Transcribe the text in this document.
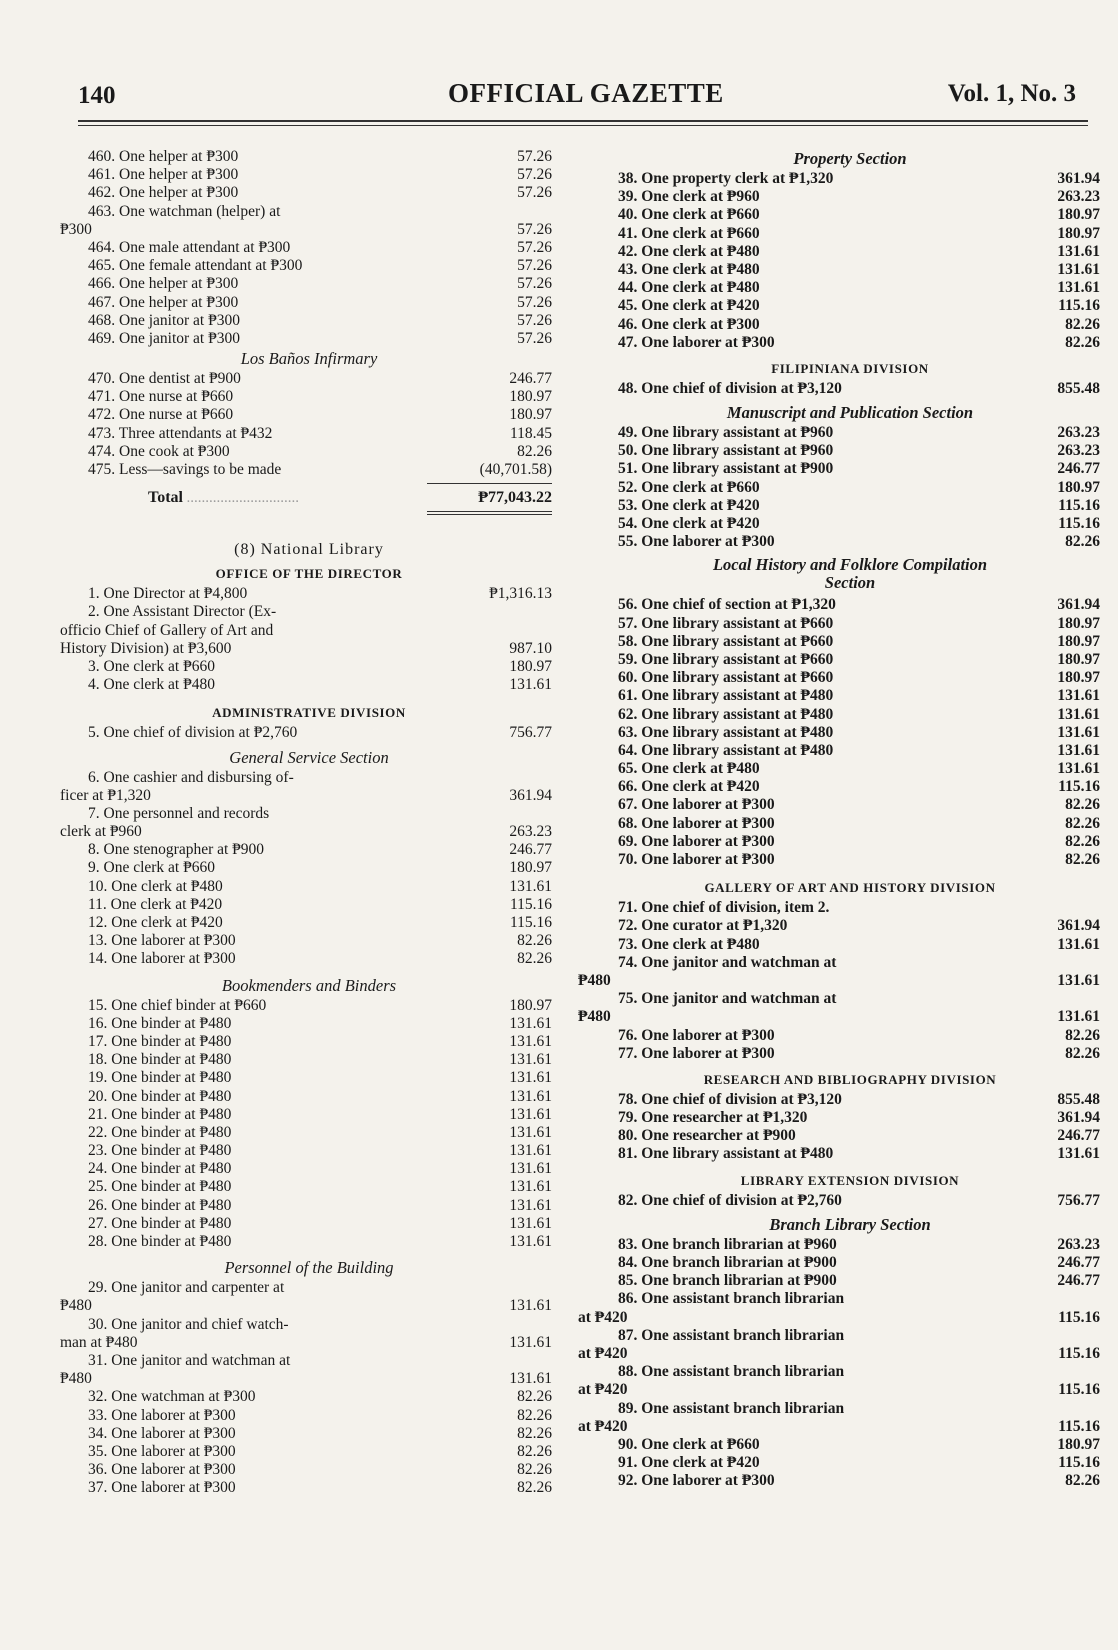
140	OFFICIAL GAZETTE	Vol. 1, No. 3
460. One helper at ₱300	57.26
461. One helper at ₱300	57.26
462. One helper at ₱300	57.26
463. One watchman (helper) at
₱300	57.26
464. One male attendant at ₱300	57.26
465. One female attendant at ₱300	57.26
466. One helper at ₱300	57.26
467. One helper at ₱300	57.26
468. One janitor at ₱300	57.26
469. One janitor at ₱300	57.26
Los Baños Infirmary
470. One dentist at ₱900	246.77
471. One nurse at ₱660	180.97
472. One nurse at ₱660	180.97
473. Three attendants at ₱432	118.45
474. One cook at ₱300	82.26
475. Less—savings to be made	(40,701.58)
Total ..............................	₱77,043.22
(8) National Library
OFFICE OF THE DIRECTOR
1. One Director at ₱4,800	₱1,316.13
2. One Assistant Director (Ex-
officio Chief of Gallery of Art and
History Division) at ₱3,600	987.10
3. One clerk at ₱660	180.97
4. One clerk at ₱480	131.61
ADMINISTRATIVE DIVISION
5. One chief of division at ₱2,760	756.77
General Service Section
6. One cashier and disbursing of-
ficer at ₱1,320	361.94
7. One personnel and records
clerk at ₱960	263.23
8. One stenographer at ₱900	246.77
9. One clerk at ₱660	180.97
10. One clerk at ₱480	131.61
11. One clerk at ₱420	115.16
12. One clerk at ₱420	115.16
13. One laborer at ₱300	82.26
14. One laborer at ₱300	82.26
Bookmenders and Binders
15. One chief binder at ₱660	180.97
16. One binder at ₱480	131.61
17. One binder at ₱480	131.61
18. One binder at ₱480	131.61
19. One binder at ₱480	131.61
20. One binder at ₱480	131.61
21. One binder at ₱480	131.61
22. One binder at ₱480	131.61
23. One binder at ₱480	131.61
24. One binder at ₱480	131.61
25. One binder at ₱480	131.61
26. One binder at ₱480	131.61
27. One binder at ₱480	131.61
28. One binder at ₱480	131.61
Personnel of the Building
29. One janitor and carpenter at
₱480	131.61
30. One janitor and chief watch-
man at ₱480	131.61
31. One janitor and watchman at
₱480	131.61
32. One watchman at ₱300	82.26
33. One laborer at ₱300	82.26
34. One laborer at ₱300	82.26
35. One laborer at ₱300	82.26
36. One laborer at ₱300	82.26
37. One laborer at ₱300	82.26
Property Section
38. One property clerk at ₱1,320	361.94
39. One clerk at ₱960	263.23
40. One clerk at ₱660	180.97
41. One clerk at ₱660	180.97
42. One clerk at ₱480	131.61
43. One clerk at ₱480	131.61
44. One clerk at ₱480	131.61
45. One clerk at ₱420	115.16
46. One clerk at ₱300	82.26
47. One laborer at ₱300	82.26
FILIPINIANA DIVISION
48. One chief of division at ₱3,120	855.48
Manuscript and Publication Section
49. One library assistant at ₱960	263.23
50. One library assistant at ₱960	263.23
51. One library assistant at ₱900	246.77
52. One clerk at ₱660	180.97
53. One clerk at ₱420	115.16
54. One clerk at ₱420	115.16
55. One laborer at ₱300	82.26
Local History and Folklore Compilation
Section
56. One chief of section at ₱1,320	361.94
57. One library assistant at ₱660	180.97
58. One library assistant at ₱660	180.97
59. One library assistant at ₱660	180.97
60. One library assistant at ₱660	180.97
61. One library assistant at ₱480	131.61
62. One library assistant at ₱480	131.61
63. One library assistant at ₱480	131.61
64. One library assistant at ₱480	131.61
65. One clerk at ₱480	131.61
66. One clerk at ₱420	115.16
67. One laborer at ₱300	82.26
68. One laborer at ₱300	82.26
69. One laborer at ₱300	82.26
70. One laborer at ₱300	82.26
GALLERY OF ART AND HISTORY DIVISION
71. One chief of division, item 2.
72. One curator at ₱1,320	361.94
73. One clerk at ₱480	131.61
74. One janitor and watchman at
₱480	131.61
75. One janitor and watchman at
₱480	131.61
76. One laborer at ₱300	82.26
77. One laborer at ₱300	82.26
RESEARCH AND BIBLIOGRAPHY DIVISION
78. One chief of division at ₱3,120	855.48
79. One researcher at ₱1,320	361.94
80. One researcher at ₱900	246.77
81. One library assistant at ₱480	131.61
LIBRARY EXTENSION DIVISION
82. One chief of division at ₱2,760	756.77
Branch Library Section
83. One branch librarian at ₱960	263.23
84. One branch librarian at ₱900	246.77
85. One branch librarian at ₱900	246.77
86. One assistant branch librarian
at ₱420	115.16
87. One assistant branch librarian
at ₱420	115.16
88. One assistant branch librarian
at ₱420	115.16
89. One assistant branch librarian
at ₱420	115.16
90. One clerk at ₱660	180.97
91. One clerk at ₱420	115.16
92. One laborer at ₱300	82.26
